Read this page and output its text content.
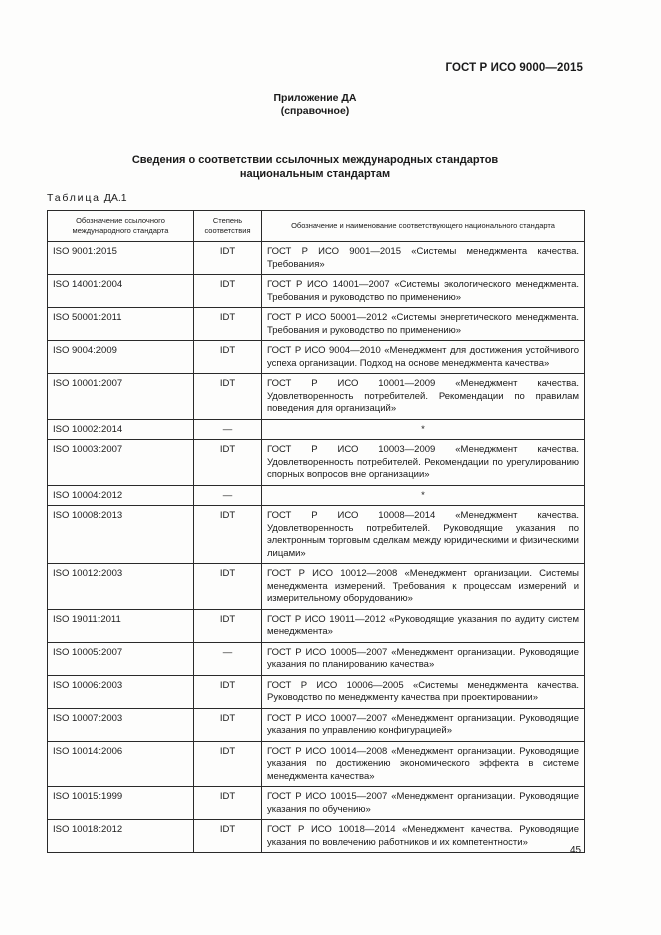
ГОСТ Р ИСО 9000—2015
Приложение ДА
(справочное)
Сведения о соответствии ссылочных международных стандартов
национальным стандартам
Таблица ДА.1
Обозначение ссылочного международного стандарта	Степень соответствия	Обозначение и наименование соответствующего национального стандарта
ISO 9001:2015	IDT	ГОСТ Р ИСО 9001—2015 «Системы менеджмента качества. Требования»
ISO 14001:2004	IDT	ГОСТ Р ИСО 14001—2007 «Системы экологического менеджмента. Требования и руководство по применению»
ISO 50001:2011	IDT	ГОСТ Р ИСО 50001—2012 «Системы энергетического менеджмента. Требования и руководство по применению»
ISO 9004:2009	IDT	ГОСТ Р ИСО 9004—2010 «Менеджмент для достижения устойчивого успеха организации. Подход на основе менеджмента качества»
ISO 10001:2007	IDT	ГОСТ Р ИСО 10001—2009 «Менеджмент качества. Удовлетворенность потребителей. Рекомендации по правилам поведения для организаций»
ISO 10002:2014	—	*
ISO 10003:2007	IDT	ГОСТ Р ИСО 10003—2009 «Менеджмент качества. Удовлетворенность потребителей. Рекомендации по урегулированию спорных вопросов вне организации»
ISO 10004:2012	—	*
ISO 10008:2013	IDT	ГОСТ Р ИСО 10008—2014 «Менеджмент качества. Удовлетворенность потребителей. Руководящие указания по электронным торговым сделкам между юридическими и физическими лицами»
ISO 10012:2003	IDT	ГОСТ Р ИСО 10012—2008 «Менеджмент организации. Системы менеджмента измерений. Требования к процессам измерений и измерительному оборудованию»
ISO 19011:2011	IDT	ГОСТ Р ИСО 19011—2012 «Руководящие указания по аудиту систем менеджмента»
ISO 10005:2007	—	ГОСТ Р ИСО 10005—2007 «Менеджмент организации. Руководящие указания по планированию качества»
ISO 10006:2003	IDT	ГОСТ Р ИСО 10006—2005 «Системы менеджмента качества. Руководство по менеджменту качества при проектировании»
ISO 10007:2003	IDT	ГОСТ Р ИСО 10007—2007 «Менеджмент организации. Руководящие указания по управлению конфигурацией»
ISO 10014:2006	IDT	ГОСТ Р ИСО 10014—2008 «Менеджмент организации. Руководящие указания по достижению экономического эффекта в системе менеджмента качества»
ISO 10015:1999	IDT	ГОСТ Р ИСО 10015—2007 «Менеджмент организации. Руководящие указания по обучению»
ISO 10018:2012	IDT	ГОСТ Р ИСО 10018—2014 «Менеджмент качества. Руководящие указания по вовлечению работников и их компетентности»
45
